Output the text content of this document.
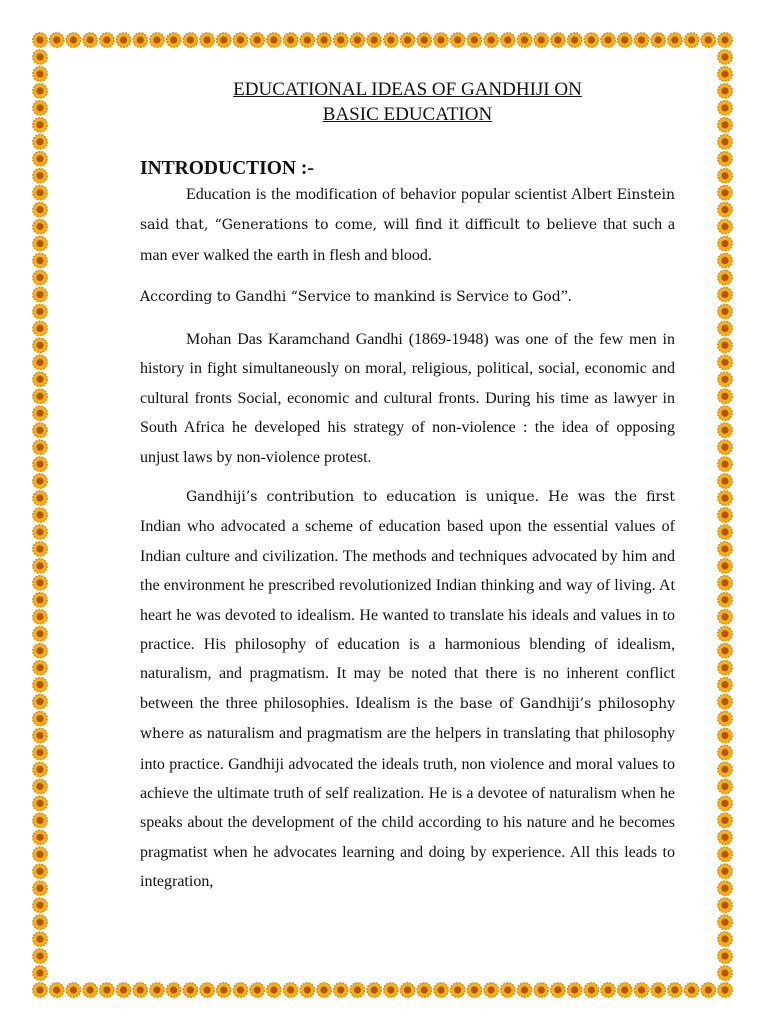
EDUCATIONAL IDEAS OF GANDHIJI ON
BASIC EDUCATION
INTRODUCTION :-
Education is the modification of behavior popular scientist Albert Einstein said that, “Generations to come, will find it difficult to believe that such a man ever walked the earth in flesh and blood.
According to Gandhi “Service to mankind is Service to God”.
Mohan Das Karamchand Gandhi (1869-1948) was one of the few men in history in fight simultaneously on moral, religious, political, social, economic and cultural fronts Social, economic and cultural fronts. During his time as lawyer in South Africa he developed his strategy of non-violence : the idea of opposing unjust laws by non-violence protest.
Gandhiji’s contribution to education is unique. He was the first Indian who advocated a scheme of education based upon the essential values of Indian culture and civilization. The methods and techniques advocated by him and the environment he prescribed revolutionized Indian thinking and way of living. At heart he was devoted to idealism. He wanted to translate his ideals and values in to practice. His philosophy of education is a harmonious blending of idealism, naturalism, and pragmatism. It may be noted that there is no inherent conflict between the three philosophies. Idealism is the base of Gandhiji’s philosophy where as naturalism and pragmatism are the helpers in translating that philosophy into practice. Gandhiji advocated the ideals truth, non violence and moral values to achieve the ultimate truth of self realization. He is a devotee of naturalism when he speaks about the development of the child according to his nature and he becomes pragmatist when he advocates learning and doing by experience. All this leads to integration,
